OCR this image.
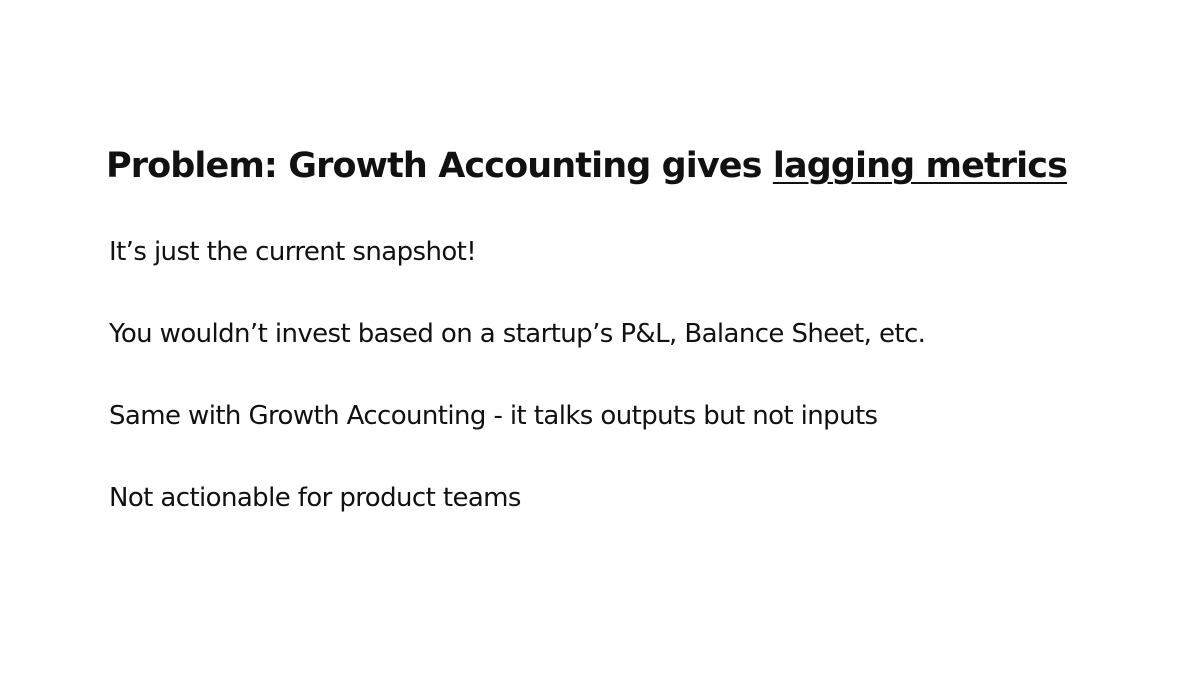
Problem: Growth Accounting gives lagging metrics
It’s just the current snapshot!
You wouldn’t invest based on a startup’s P&L, Balance Sheet, etc.
Same with Growth Accounting - it talks outputs but not inputs
Not actionable for product teams
